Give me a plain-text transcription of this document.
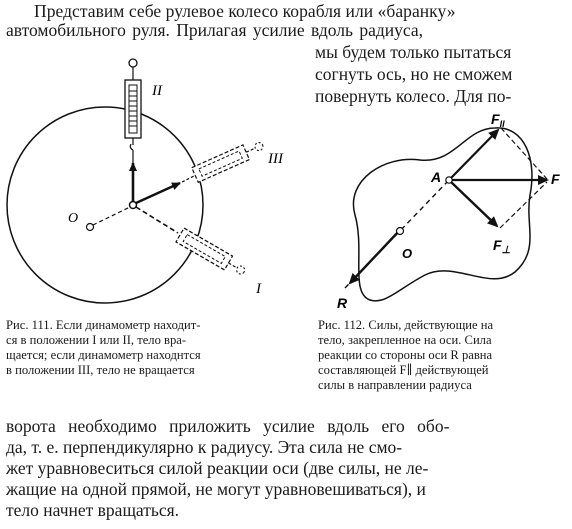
Представим себе рулевое колесо корабля или «баранку»
автомобильного руля. Прилагая усилие вдоль радиуса,
мы будем только пытаться
согнуть ось, но не сможем
повернуть колесо. Для по-
II
III
I
O
A
O
F
$F_{II}$
$F_\perp$
R
Рис. 111. Если динамометр находит-
ся в положении I или II, тело вра-
щается; если динамометр находнтся
в положении III, тело не вращается
Рис. 112. Силы, действующие на
тело, закрепленное на оси. Сила
реакции со стороны оси R равна
составляющей F∥ действующей
силы в направлении радиуса
ворота необходимо приложить усилие вдоль его обо-
да, т. е. перпендикулярно к радиусу. Эта сила не смо-
жет уравновеситься силой реакции оси (две силы, не ле-
жащие на одной прямой, не могут уравновешиваться), и
тело начнет вращаться.
